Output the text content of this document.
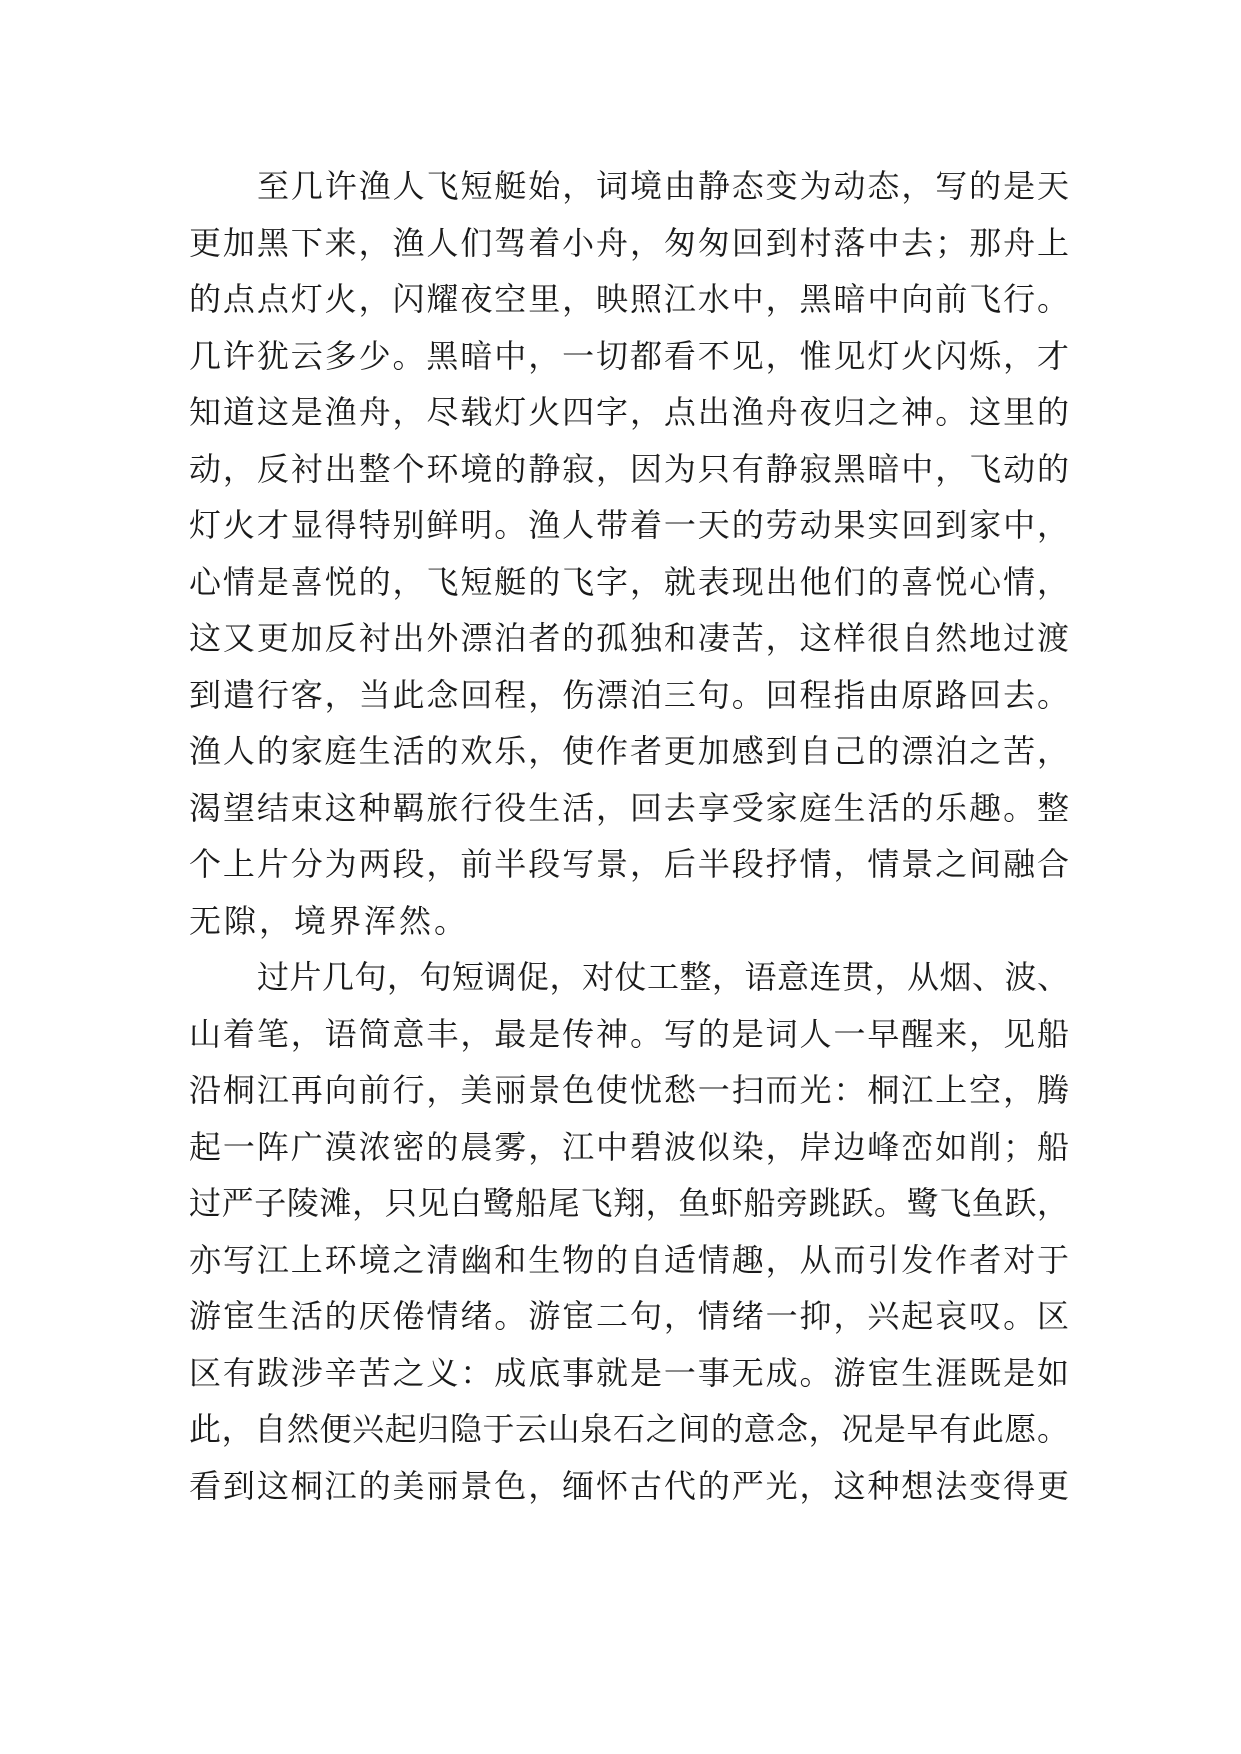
至几许渔人飞短艇始，词境由静态变为动态，写的是天
更加黑下来，渔人们驾着小舟，匆匆回到村落中去；那舟上
的点点灯火，闪耀夜空里，映照江水中，黑暗中向前飞行。
几许犹云多少。黑暗中，一切都看不见，惟见灯火闪烁，才
知道这是渔舟，尽载灯火四字，点出渔舟夜归之神。这里的
动，反衬出整个环境的静寂，因为只有静寂黑暗中，飞动的
灯火才显得特别鲜明。渔人带着一天的劳动果实回到家中，
心情是喜悦的，飞短艇的飞字，就表现出他们的喜悦心情，
这又更加反衬出外漂泊者的孤独和凄苦，这样很自然地过渡
到遣行客，当此念回程，伤漂泊三句。回程指由原路回去。
渔人的家庭生活的欢乐，使作者更加感到自己的漂泊之苦，
渴望结束这种羁旅行役生活，回去享受家庭生活的乐趣。整
个上片分为两段，前半段写景，后半段抒情，情景之间融合
无隙，境界浑然。
过片几句，句短调促，对仗工整，语意连贯，从烟、波、
山着笔，语简意丰，最是传神。写的是词人一早醒来，见船
沿桐江再向前行，美丽景色使忧愁一扫而光：桐江上空，腾
起一阵广漠浓密的晨雾，江中碧波似染，岸边峰峦如削；船
过严子陵滩，只见白鹭船尾飞翔，鱼虾船旁跳跃。鹭飞鱼跃，
亦写江上环境之清幽和生物的自适情趣，从而引发作者对于
游宦生活的厌倦情绪。游宦二句，情绪一抑，兴起哀叹。区
区有跋涉辛苦之义：成底事就是一事无成。游宦生涯既是如
此，自然便兴起归隐于云山泉石之间的意念，况是早有此愿。
看到这桐江的美丽景色，缅怀古代的严光，这种想法变得更
